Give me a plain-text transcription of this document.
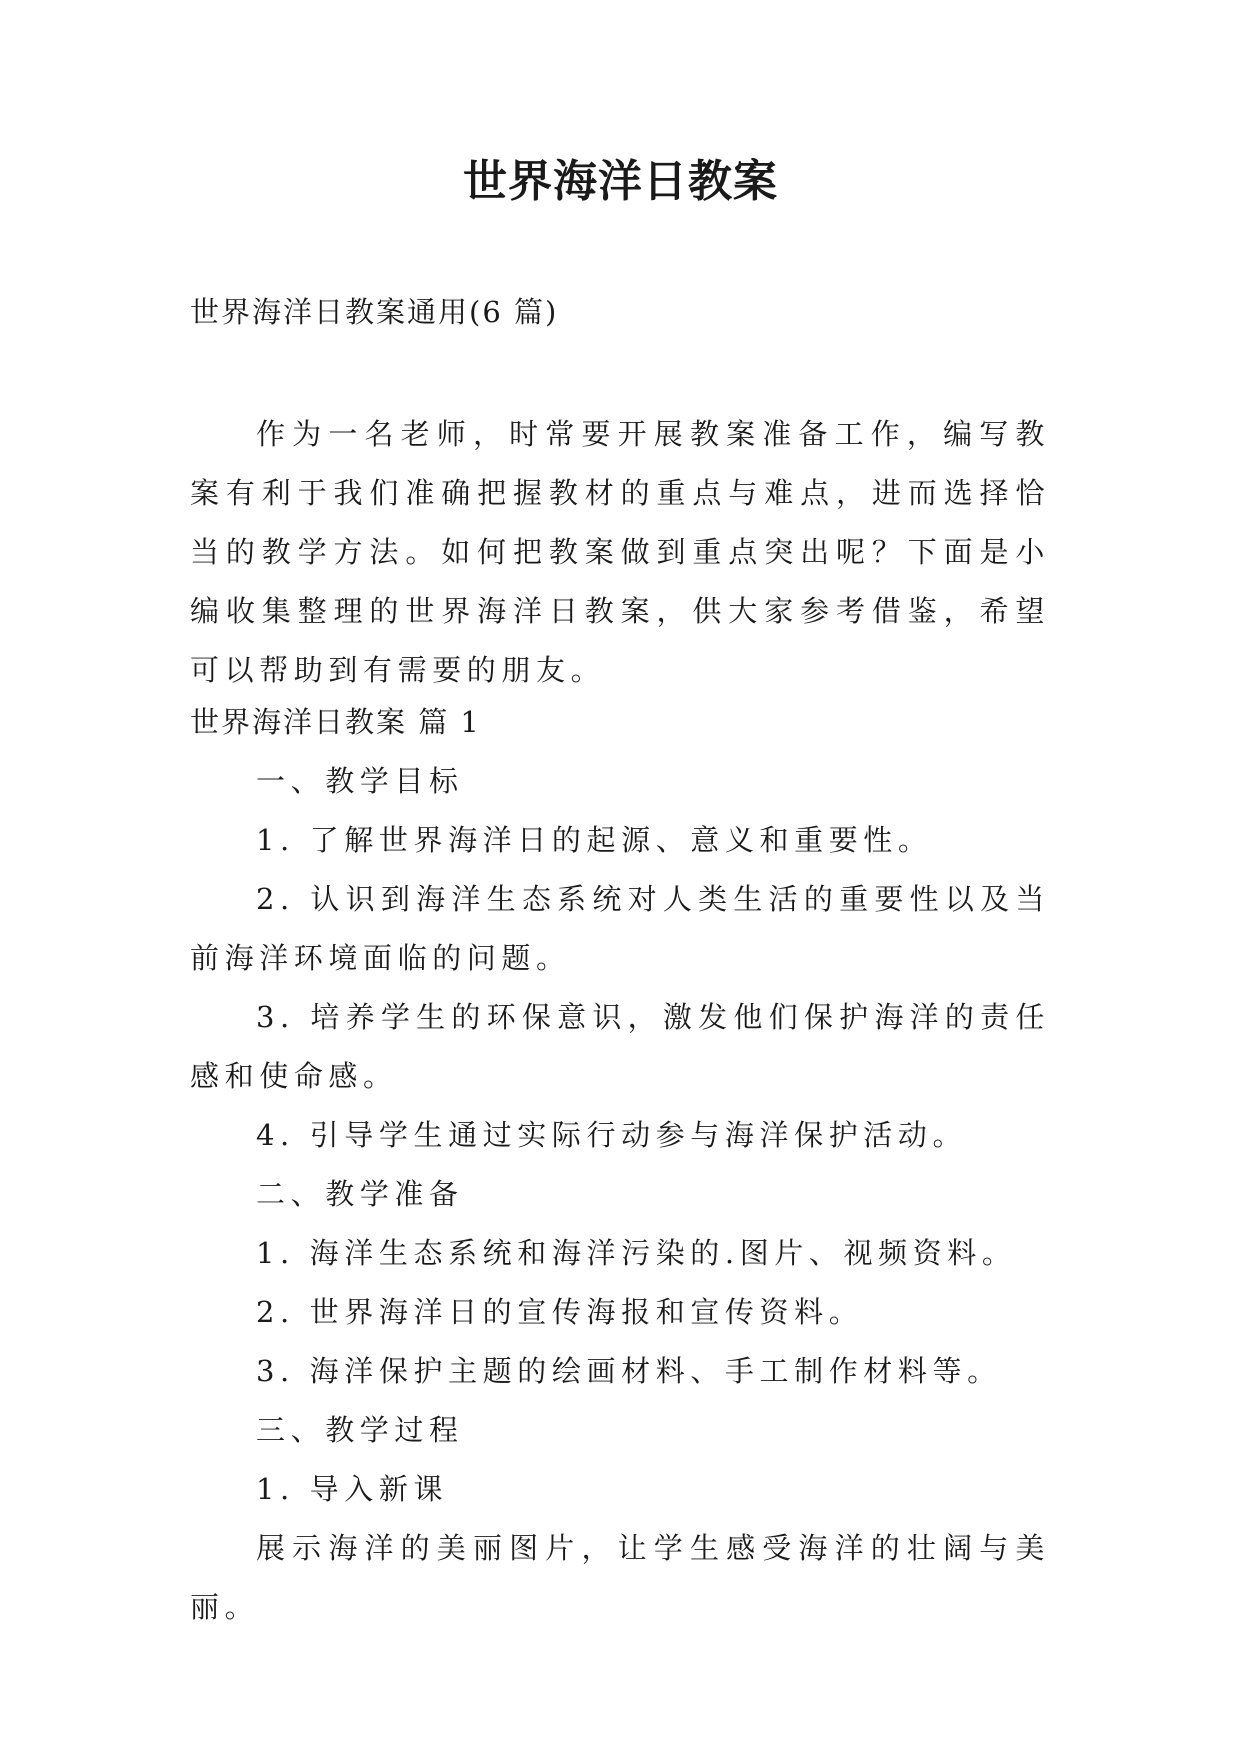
世界海洋日教案

世界海洋日教案通用(6 篇)

作为一名老师，时常要开展教案准备工作，编写教案有利于我们准确把握教材的重点与难点，进而选择恰当的教学方法。如何把教案做到重点突出呢？下面是小编收集整理的世界海洋日教案，供大家参考借鉴，希望可以帮助到有需要的朋友。

世界海洋日教案 篇 1

一、教学目标

1. 了解世界海洋日的起源、意义和重要性。

2. 认识到海洋生态系统对人类生活的重要性以及当前海洋环境面临的问题。

3. 培养学生的环保意识，激发他们保护海洋的责任感和使命感。

4. 引导学生通过实际行动参与海洋保护活动。

二、教学准备

1. 海洋生态系统和海洋污染的.图片、视频资料。

2. 世界海洋日的宣传海报和宣传资料。

3. 海洋保护主题的绘画材料、手工制作材料等。

三、教学过程

1. 导入新课

展示海洋的美丽图片，让学生感受海洋的壮阔与美丽。
